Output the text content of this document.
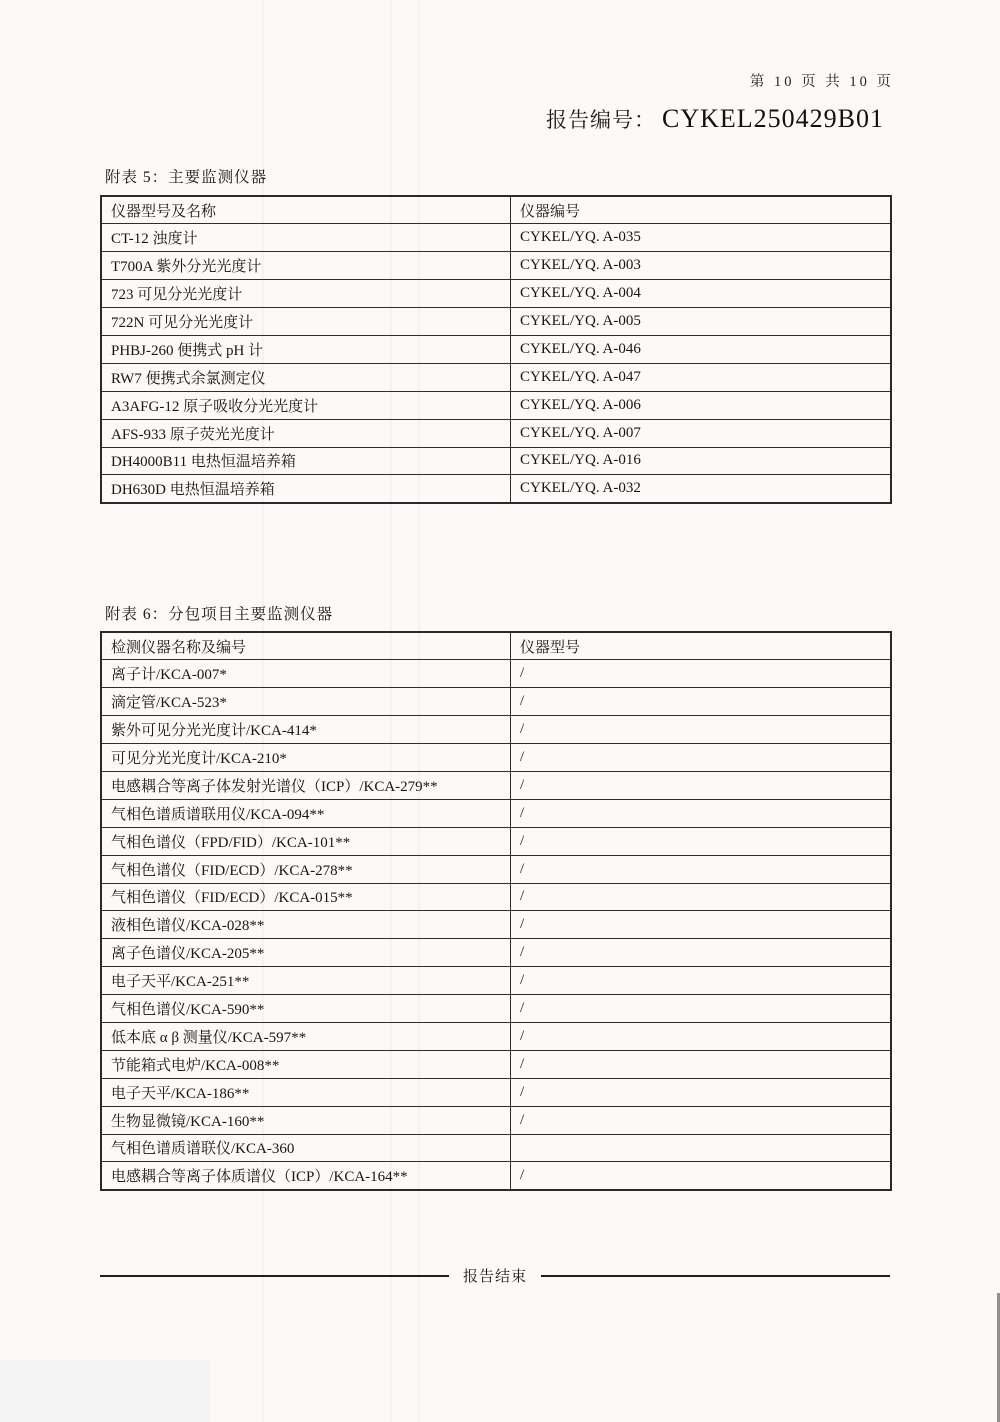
第 10 页 共 10 页
报告编号： CYKEL250429B01
附表 5：主要监测仪器
仪器型号及名称	仪器编号
CT-12 浊度计	CYKEL/YQ. A-035
T700A 紫外分光光度计	CYKEL/YQ. A-003
723 可见分光光度计	CYKEL/YQ. A-004
722N 可见分光光度计	CYKEL/YQ. A-005
PHBJ-260 便携式 pH 计	CYKEL/YQ. A-046
RW7 便携式余氯测定仪	CYKEL/YQ. A-047
A3AFG-12 原子吸收分光光度计	CYKEL/YQ. A-006
AFS-933 原子荧光光度计	CYKEL/YQ. A-007
DH4000B11 电热恒温培养箱	CYKEL/YQ. A-016
DH630D 电热恒温培养箱	CYKEL/YQ. A-032
附表 6：分包项目主要监测仪器
检测仪器名称及编号	仪器型号
离子计/KCA-007*	/
滴定管/KCA-523*	/
紫外可见分光光度计/KCA-414*	/
可见分光光度计/KCA-210*	/
电感耦合等离子体发射光谱仪（ICP）/KCA-279**	/
气相色谱质谱联用仪/KCA-094**	/
气相色谱仪（FPD/FID）/KCA-101**	/
气相色谱仪（FID/ECD）/KCA-278**	/
气相色谱仪（FID/ECD）/KCA-015**	/
液相色谱仪/KCA-028**	/
离子色谱仪/KCA-205**	/
电子天平/KCA-251**	/
气相色谱仪/KCA-590**	/
低本底 α β 测量仪/KCA-597**	/
节能箱式电炉/KCA-008**	/
电子天平/KCA-186**	/
生物显微镜/KCA-160**	/
气相色谱质谱联仪/KCA-360	
电感耦合等离子体质谱仪（ICP）/KCA-164**	/
报告结束
